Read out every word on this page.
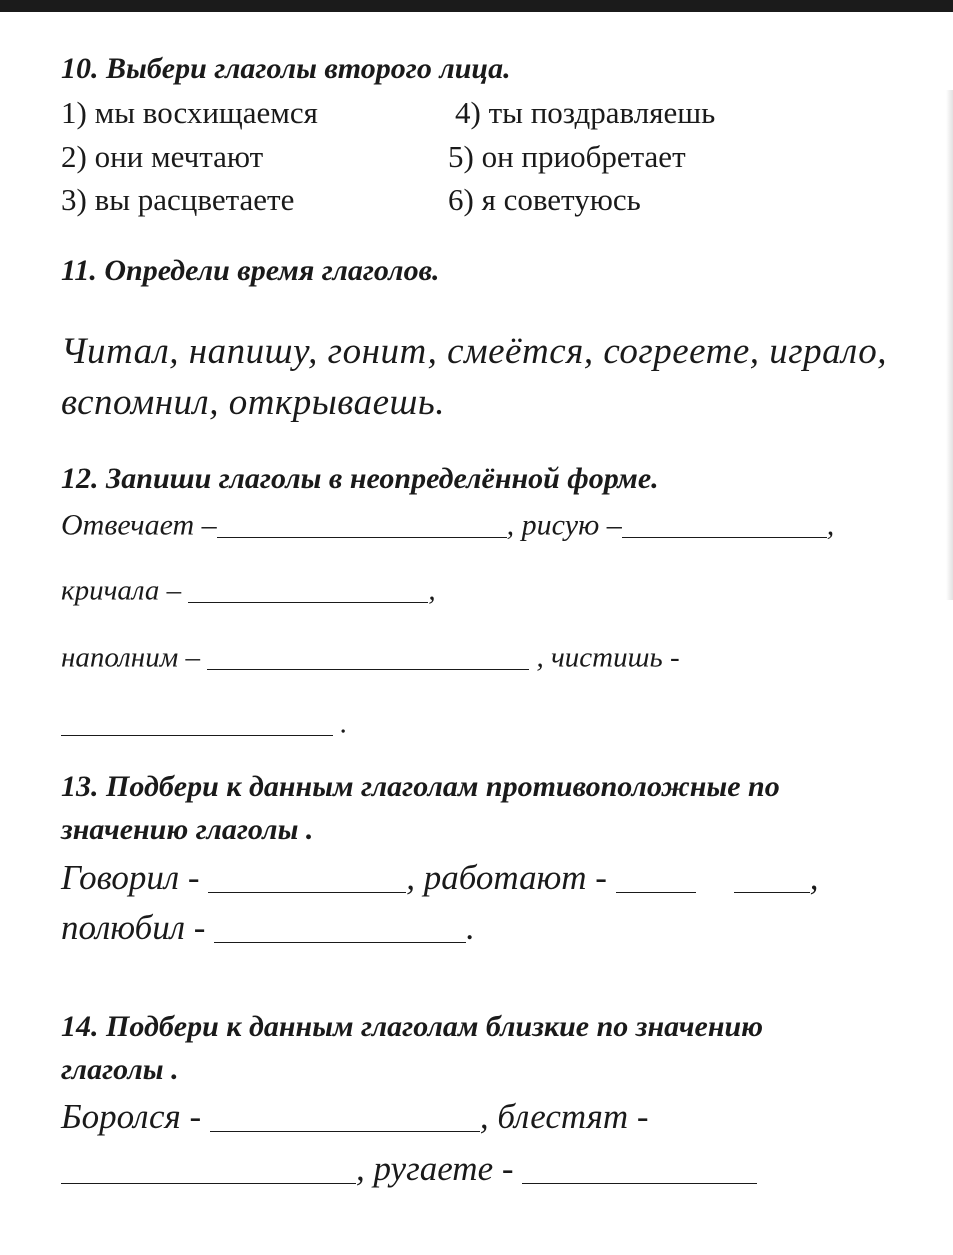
10. Выбери глаголы второго лица.
1) мы восхищаемся
2) они мечтают
3) вы расцветаете
4) ты поздравляешь
5) он приобретает
6) я советуюсь
11. Определи время глаголов.
Читал, напишу, гонит, смеётся, согреете, играло,
вспомнил, открываешь.
12. Запиши глаголы в неопределённой форме.
Отвечает –	, рисую –	,
кричала –	,
наполним –	, чистишь -
.
13. Подбери к данным глаголам противоположные по
значению глаголы .
Говорил -	, работают -	,
полюбил -	.
14. Подбери к данным глаголам близкие по значению
глаголы .
Боролся -	, блестят -
, ругаете -
